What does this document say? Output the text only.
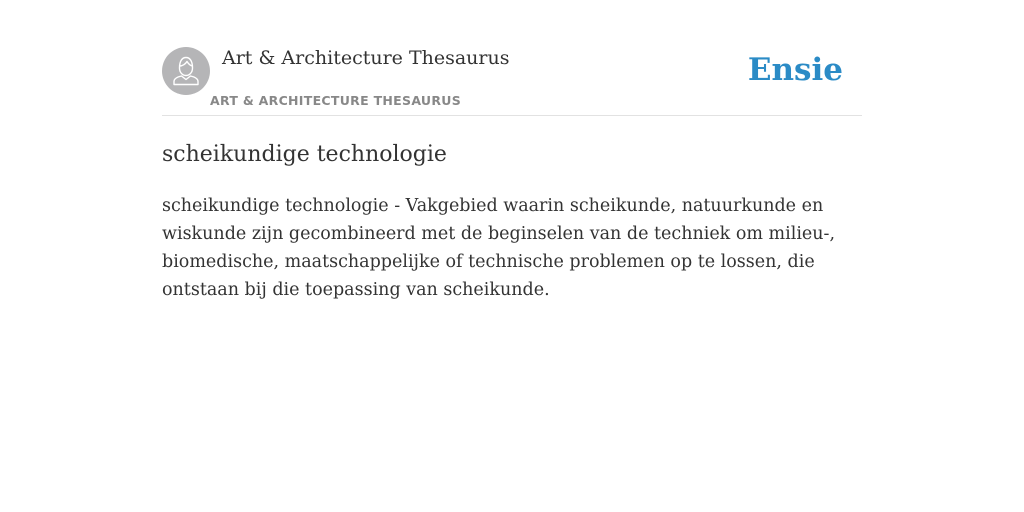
Art & Architecture Thesaurus
ART & ARCHITECTURE THESAURUS
Ensie
scheikundige technologie

scheikundige technologie - Vakgebied waarin scheikunde, natuurkunde en wiskunde zijn gecombineerd met de beginselen van de techniek om milieu-, biomedische, maatschappelijke of technische problemen op te lossen, die ontstaan bij die toepassing van scheikunde.
